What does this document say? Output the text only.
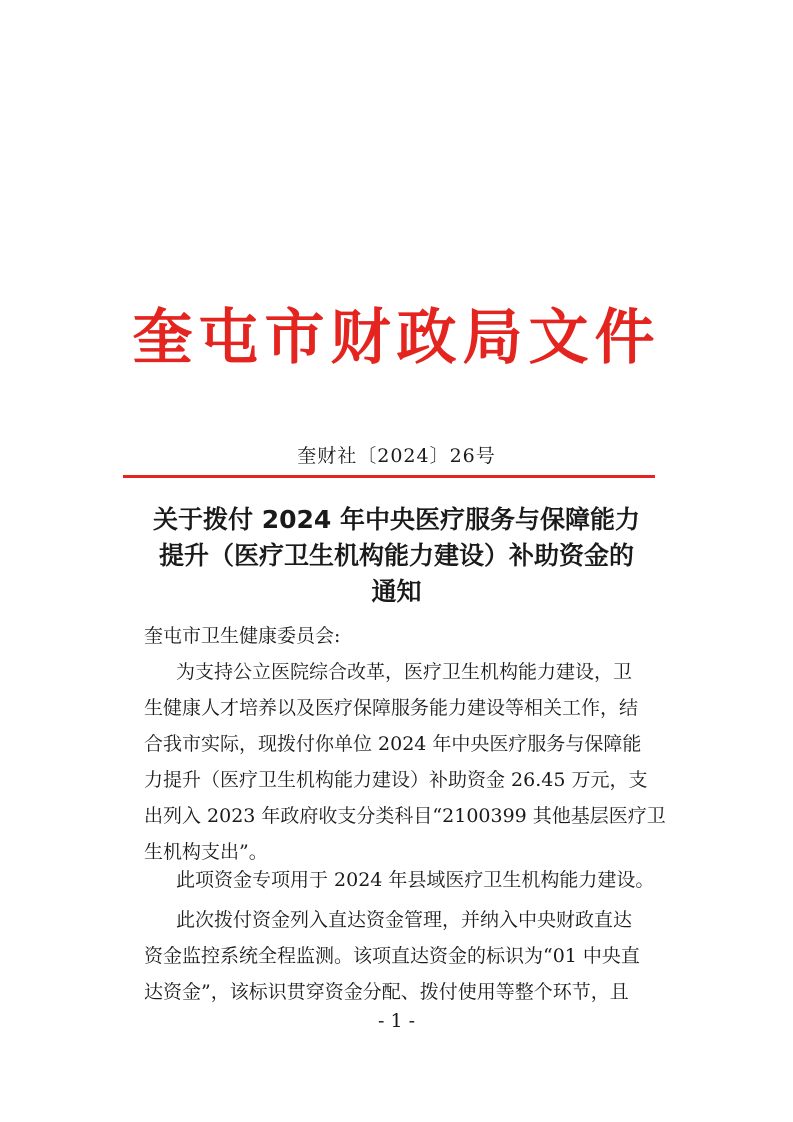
奎屯市财政局文件
奎财社〔2024〕26号
关于拨付 2024 年中央医疗服务与保障能力
提升（医疗卫生机构能力建设）补助资金的
通知
奎屯市卫生健康委员会:
为支持公立医院综合改革，医疗卫生机构能力建设，卫
生健康人才培养以及医疗保障服务能力建设等相关工作，结
合我市实际，现拨付你单位 2024 年中央医疗服务与保障能
力提升（医疗卫生机构能力建设）补助资金 26.45 万元，支
出列入 2023 年政府收支分类科目“2100399 其他基层医疗卫
生机构支出”。
此项资金专项用于 2024 年县域医疗卫生机构能力建设。
此次拨付资金列入直达资金管理，并纳入中央财政直达
资金监控系统全程监测。该项直达资金的标识为“01 中央直
达资金”，该标识贯穿资金分配、拨付使用等整个环节，且
- 1 -
